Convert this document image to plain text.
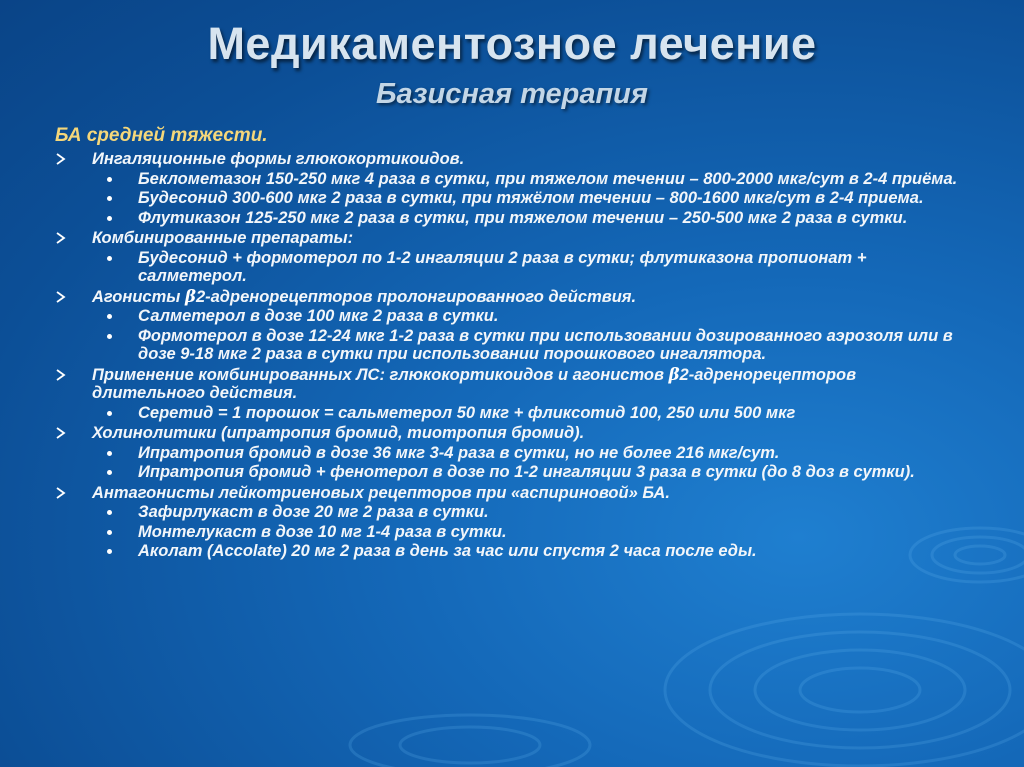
Медикаментозное лечение
Базисная терапия
БА средней тяжести.
Ингаляционные формы глюкокортикоидов.
Беклометазон 150-250 мкг 4 раза в сутки, при тяжелом течении – 800-2000 мкг/сут в 2-4 приёма.
Будесонид 300-600 мкг 2 раза в сутки, при тяжёлом течении – 800-1600 мкг/сут в 2-4 приема.
Флутиказон 125-250 мкг 2 раза в сутки, при тяжелом течении – 250-500 мкг 2 раза в сутки.
Комбинированные препараты:
Будесонид + формотерол по 1-2 ингаляции 2 раза в сутки; флутиказона пропионат + салметерол.
Агонисты β2-адренорецепторов пролонгированного действия.
Салметерол в дозе 100 мкг 2 раза в сутки.
Формотерол в дозе 12-24 мкг 1-2 раза в сутки при использовании дозированного аэрозоля или в дозе 9-18 мкг 2 раза в сутки при использовании порошкового ингалятора.
Применение комбинированных ЛС: глюкокортикоидов и агонистов β2-адренорецепторов длительного действия.
Серетид = 1 порошок = сальметерол 50 мкг + фликсотид 100, 250 или 500 мкг
Холинолитики (ипратропия бромид, тиотропия бромид).
Ипратропия бромид в дозе 36 мкг 3-4 раза в сутки, но не более 216 мкг/сут.
Ипратропия бромид + фенотерол в дозе по 1-2 ингаляции 3 раза в сутки (до 8 доз в сутки).
Антагонисты лейкотриеновых рецепторов при «аспириновой» БА.
Зафирлукаст в дозе 20 мг 2 раза в сутки.
Монтелукаст в дозе 10 мг 1-4 раза в сутки.
Аколат (Accolate) 20 мг 2 раза в день за час или спустя 2 часа после еды.
